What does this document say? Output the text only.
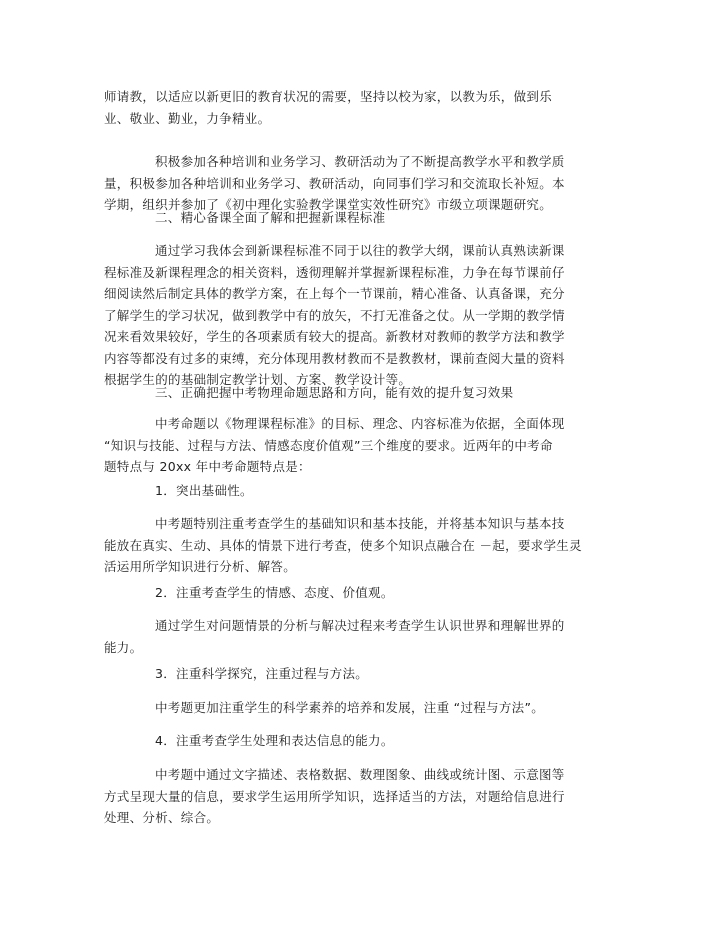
师请教，以适应以新更旧的教育状况的需要，坚持以校为家，以教为乐，做到乐
业、敬业、勤业，力争精业。
积极参加各种培训和业务学习、教研活动为了不断提高教学水平和教学质
量，积极参加各种培训和业务学习、教研活动，向同事们学习和交流取长补短。本
学期，组织并参加了《初中理化实验教学课堂实效性研究》市级立项课题研究。
二、精心备课全面了解和把握新课程标准
通过学习我体会到新课程标准不同于以往的教学大纲，课前认真熟读新课
程标准及新课程理念的相关资料，透彻理解并掌握新课程标准，力争在每节课前仔
细阅读然后制定具体的教学方案，在上每个一节课前，精心准备、认真备课，充分
了解学生的学习状况，做到教学中有的放矢，不打无准备之仗。从一学期的教学情
况来看效果较好，学生的各项素质有较大的提高。新教材对教师的教学方法和教学
内容等都没有过多的束缚，充分体现用教材教而不是教教材，课前查阅大量的资料
根据学生的的基础制定教学计划、方案、教学设计等。
三、正确把握中考物理命题思路和方向，能有效的提升复习效果
中考命题以《物理课程标准》的目标、理念、内容标准为依据，全面体现
“知识与技能、过程与方法、情感态度价值观”三个维度的要求。近两年的中考命
题特点与 20xx 年中考命题特点是：
1．突出基础性。
中考题特别注重考查学生的基础知识和基本技能，并将基本知识与基本技
能放在真实、生动、具体的情景下进行考查，使多个知识点融合在 －起，要求学生灵
活运用所学知识进行分析、解答。
2．注重考查学生的情感、态度、价值观。
通过学生对问题情景的分析与解决过程来考查学生认识世界和理解世界的
能力。
3．注重科学探究，注重过程与方法。
中考题更加注重学生的科学素养的培养和发展，注重 “过程与方法”。
4．注重考查学生处理和表达信息的能力。
中考题中通过文字描述、表格数据、数理图象、曲线或统计图、示意图等
方式呈现大量的信息，要求学生运用所学知识，选择适当的方法，对题给信息进行
处理、分析、综合。
